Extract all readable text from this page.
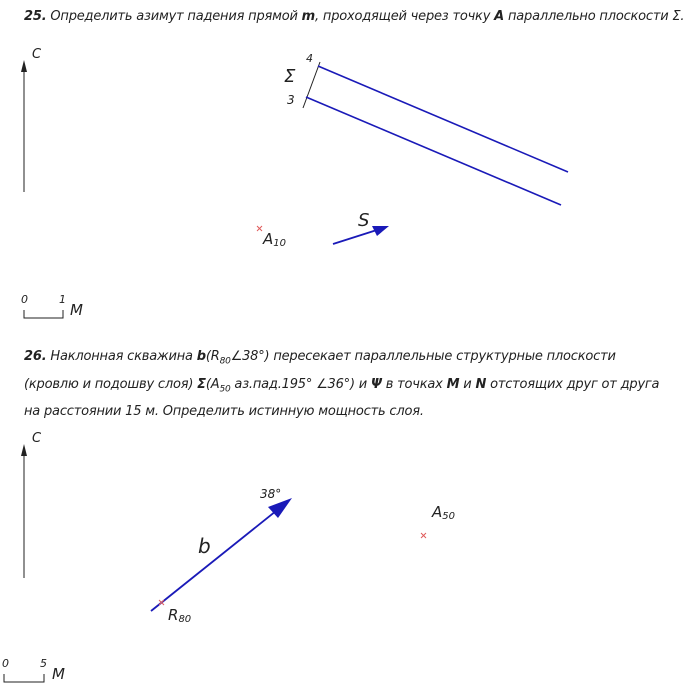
25. Определить азимут падения прямой m, проходящей через точку A параллельно плоскости Σ.
26. Наклонная скважина $b(R_{80}\angle 38^\circ)$ пересекает параллельные структурные плоскости
(кровлю и подошву слоя) $\Sigma(A_{50}$ аз.пад.195° ∠36°) и Ψ в точках M и N отстоящих друг от друга
на расстоянии 15 м. Определить истинную мощность слоя.
С	4
3
Σ
A10
S
0	1
М
С
38°
b
R80
A50
0	5
М
